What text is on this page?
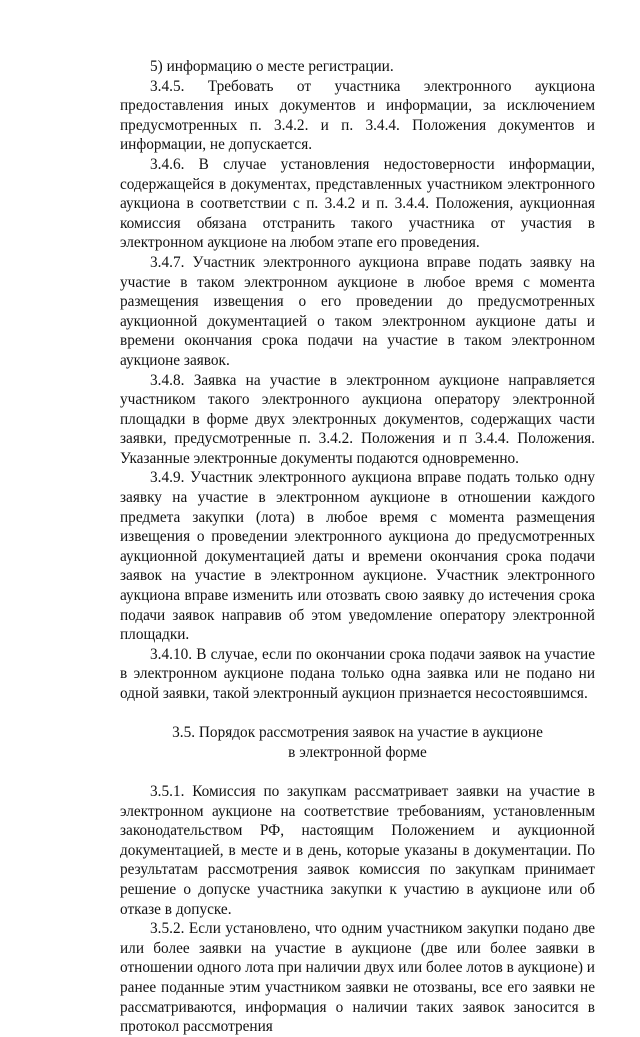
5) информацию о месте регистрации.

3.4.5. Требовать от участника электронного аукциона предоставления иных документов и информации, за исключением предусмотренных п. 3.4.2. и п. 3.4.4. Положения документов и информации, не допускается.

3.4.6. В случае установления недостоверности информации, содержащейся в документах, представленных участником электронного аукциона в соответствии с п. 3.4.2 и п. 3.4.4. Положения, аукционная комиссия обязана отстранить такого участника от участия в электронном аукционе на любом этапе его проведения.

3.4.7. Участник электронного аукциона вправе подать заявку на участие в таком электронном аукционе в любое время с момента размещения извещения о его проведении до предусмотренных аукционной документацией о таком электронном аукционе даты и времени окончания срока подачи на участие в таком электронном аукционе заявок.

3.4.8. Заявка на участие в электронном аукционе направляется участником такого электронного аукциона оператору электронной площадки в форме двух электронных документов, содержащих части заявки, предусмотренные п. 3.4.2. Положения и п 3.4.4. Положения. Указанные электронные документы подаются одновременно.

3.4.9. Участник электронного аукциона вправе подать только одну заявку на участие в электронном аукционе в отношении каждого предмета закупки (лота) в любое время с момента размещения извещения о проведении электронного аукциона до предусмотренных аукционной документацией даты и времени окончания срока подачи заявок на участие в электронном аукционе. Участник электронного аукциона вправе изменить или отозвать свою заявку до истечения срока подачи заявок направив об этом уведомление оператору электронной площадки.

3.4.10. В случае, если по окончании срока подачи заявок на участие в электронном аукционе подана только одна заявка или не подано ни одной заявки, такой электронный аукцион признается несостоявшимся.

3.5. Порядок рассмотрения заявок на участие в аукционе

в электронной форме

3.5.1. Комиссия по закупкам рассматривает заявки на участие в электронном аукционе на соответствие требованиям, установленным законодательством РФ, настоящим Положением и аукционной документацией, в месте и в день, которые указаны в документации. По результатам рассмотрения заявок комиссия по закупкам принимает решение о допуске участника закупки к участию в аукционе или об отказе в допуске.

3.5.2. Если установлено, что одним участником закупки подано две или более заявки на участие в аукционе (две или более заявки в отношении одного лота при наличии двух или более лотов в аукционе) и ранее поданные этим участником заявки не отозваны, все его заявки не рассматриваются, информация о наличии таких заявок заносится в протокол рассмотрения
